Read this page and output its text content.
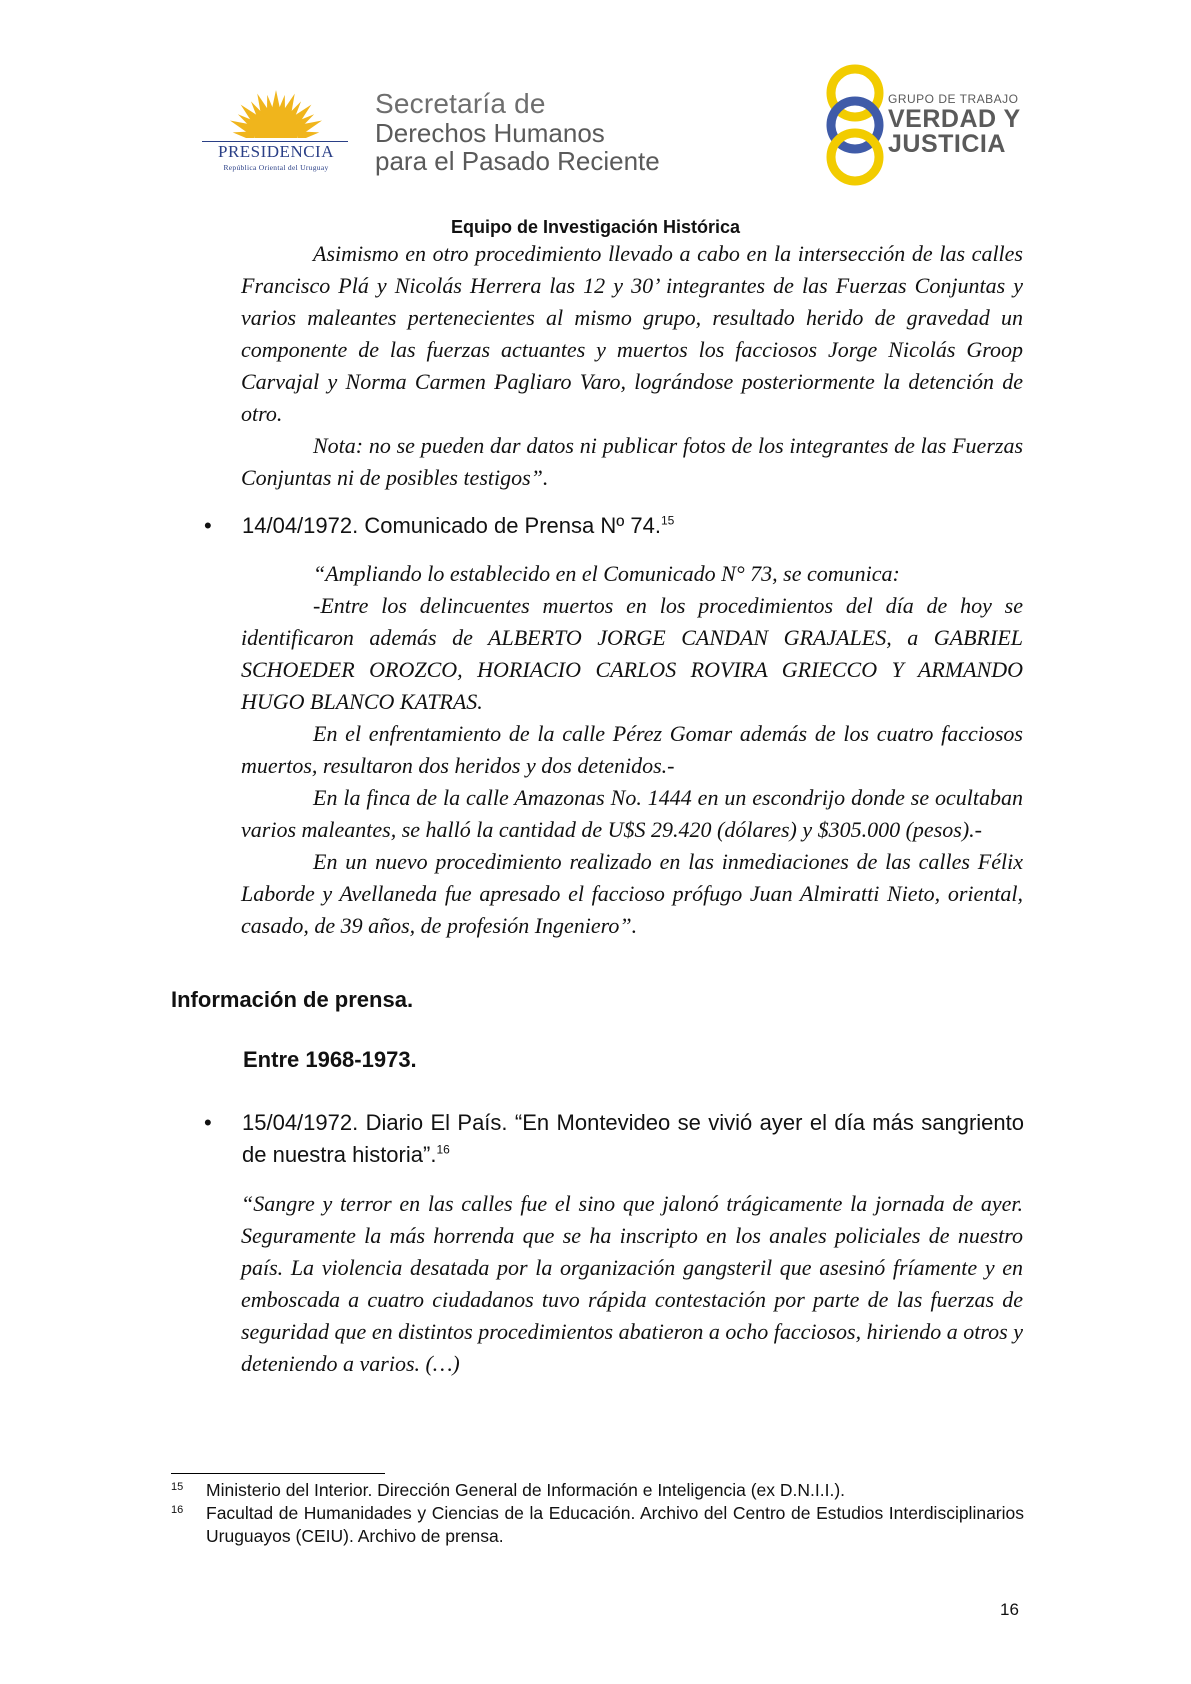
PRESIDENCIA
República Oriental del Uruguay
Secretaría de
Derechos Humanos
para el Pasado Reciente
GRUPO DE TRABAJO
VERDAD Y
JUSTICIA
Equipo de Investigación Histórica

Asimismo en otro procedimiento llevado a cabo en la intersección de las calles Francisco Plá y Nicolás Herrera las 12 y 30’ integrantes de las Fuerzas Conjuntas y varios maleantes pertenecientes al mismo grupo, resultado herido de gravedad un componente de las fuerzas actuantes y muertos los facciosos Jorge Nicolás Groop Carvajal y Norma Carmen Pagliaro Varo, lográndose posteriormente la detención de otro.

Nota: no se pueden dar datos ni publicar fotos de los integrantes de las Fuerzas Conjuntas ni de posibles testigos”.

• 14/04/1972. Comunicado de Prensa Nº 74.15

“Ampliando lo establecido en el Comunicado N° 73, se comunica:

-Entre los delincuentes muertos en los procedimientos del día de hoy se identificaron además de ALBERTO JORGE CANDAN GRAJALES, a GABRIEL SCHOEDER OROZCO, HORIACIO CARLOS ROVIRA GRIECCO Y ARMANDO HUGO BLANCO KATRAS.

En el enfrentamiento de la calle Pérez Gomar además de los cuatro facciosos muertos, resultaron dos heridos y dos detenidos.-

En la finca de la calle Amazonas No. 1444 en un escondrijo donde se ocultaban varios maleantes, se halló la cantidad de U$S 29.420 (dólares) y $305.000 (pesos).-

En un nuevo procedimiento realizado en las inmediaciones de las calles Félix Laborde y Avellaneda fue apresado el faccioso prófugo Juan Almiratti Nieto, oriental, casado, de 39 años, de profesión Ingeniero”.

Información de prensa.
Entre 1968-1973.
• 15/04/1972. Diario El País. “En Montevideo se vivió ayer el día más sangriento de nuestra historia”.$^{16}$

“Sangre y terror en las calles fue el sino que jalonó trágicamente la jornada de ayer. Seguramente la más horrenda que se ha inscripto en los anales policiales de nuestro país. La violencia desatada por la organización gangsteril que asesinó fríamente y en emboscada a cuatro ciudadanos tuvo rápida contestación por parte de las fuerzas de seguridad que en distintos procedimientos abatieron a ocho facciosos, hiriendo a otros y deteniendo a varios. (…)

15 Ministerio del Interior. Dirección General de Información e Inteligencia (ex D.N.I.I.).
16 Facultad de Humanidades y Ciencias de la Educación. Archivo del Centro de Estudios Interdisciplinarios Uruguayos (CEIU). Archivo de prensa.
16
